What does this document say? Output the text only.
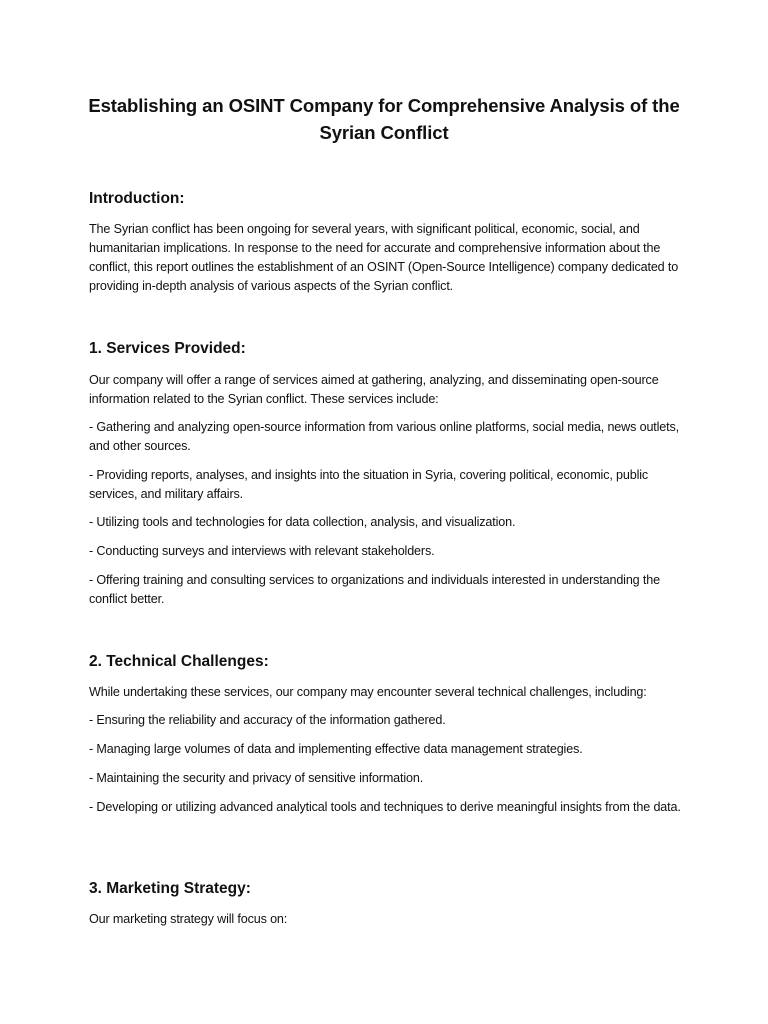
Establishing an OSINT Company for Comprehensive Analysis of the Syrian Conflict
Introduction:
The Syrian conflict has been ongoing for several years, with significant political, economic, social, and humanitarian implications. In response to the need for accurate and comprehensive information about the conflict, this report outlines the establishment of an OSINT (Open-Source Intelligence) company dedicated to providing in-depth analysis of various aspects of the Syrian conflict.
1. Services Provided:
Our company will offer a range of services aimed at gathering, analyzing, and disseminating open-source information related to the Syrian conflict. These services include:
- Gathering and analyzing open-source information from various online platforms, social media, news outlets, and other sources.
- Providing reports, analyses, and insights into the situation in Syria, covering political, economic, public services, and military affairs.
- Utilizing tools and technologies for data collection, analysis, and visualization.
- Conducting surveys and interviews with relevant stakeholders.
- Offering training and consulting services to organizations and individuals interested in understanding the conflict better.
2. Technical Challenges:
While undertaking these services, our company may encounter several technical challenges, including:
- Ensuring the reliability and accuracy of the information gathered.
- Managing large volumes of data and implementing effective data management strategies.
- Maintaining the security and privacy of sensitive information.
- Developing or utilizing advanced analytical tools and techniques to derive meaningful insights from the data.
3. Marketing Strategy:
Our marketing strategy will focus on:
